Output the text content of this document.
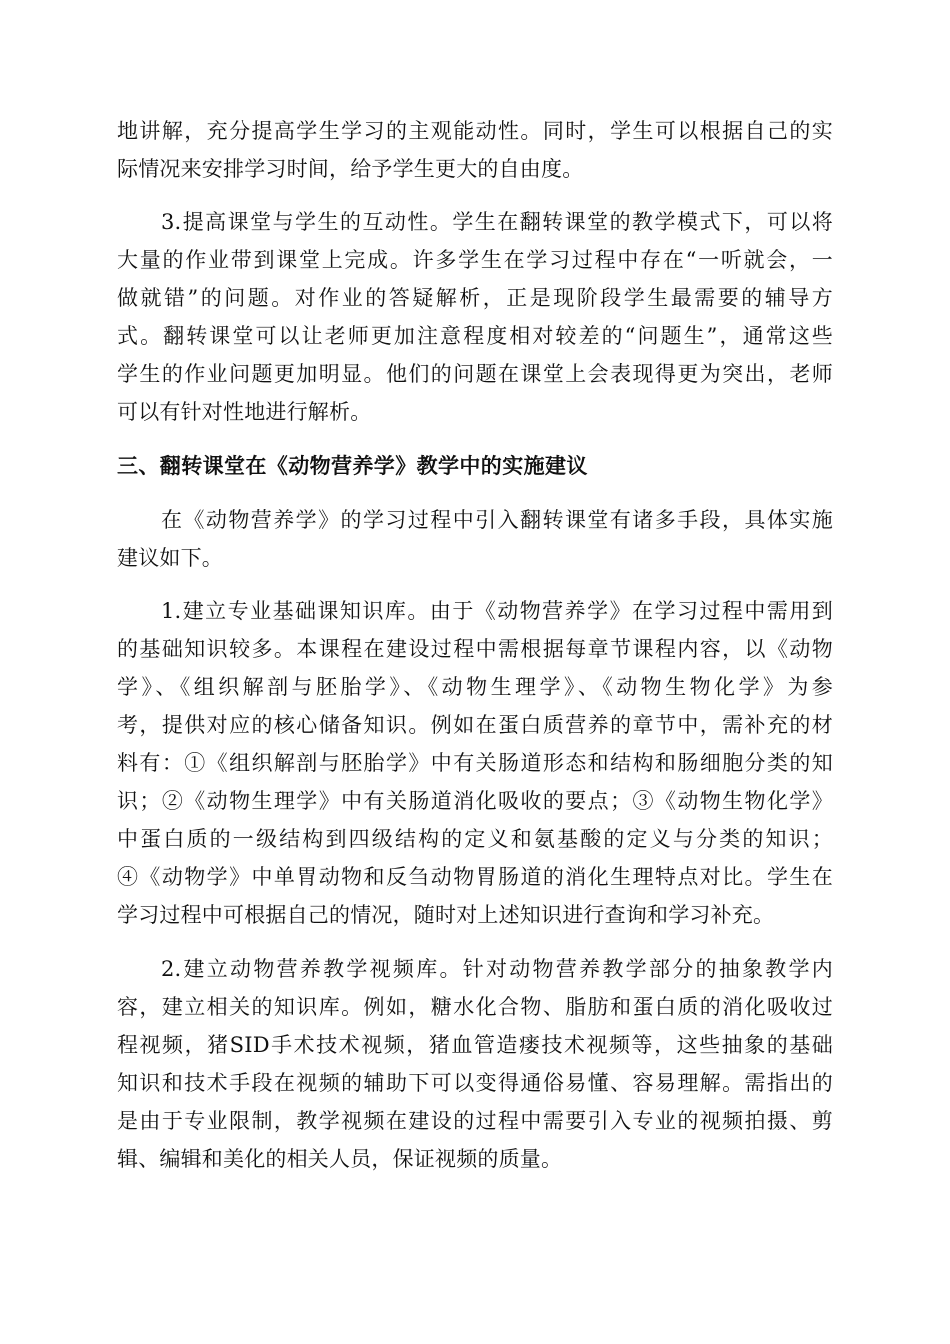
地讲解，充分提高学生学习的主观能动性。同时，学生可以根据自己的实
际情况来安排学习时间，给予学生更大的自由度。
3.提高课堂与学生的互动性。学生在翻转课堂的教学模式下，可以将
大量的作业带到课堂上完成。许多学生在学习过程中存在“一听就会，一
做就错”的问题。对作业的答疑解析，正是现阶段学生最需要的辅导方
式。翻转课堂可以让老师更加注意程度相对较差的“问题生”，通常这些
学生的作业问题更加明显。他们的问题在课堂上会表现得更为突出，老师
可以有针对性地进行解析。
三、翻转课堂在《动物营养学》教学中的实施建议
在《动物营养学》的学习过程中引入翻转课堂有诸多手段，具体实施
建议如下。
1.建立专业基础课知识库。由于《动物营养学》在学习过程中需用到
的基础知识较多。本课程在建设过程中需根据每章节课程内容，以《动物
学》、《组织解剖与胚胎学》、《动物生理学》、《动物生物化学》为参
考，提供对应的核心储备知识。例如在蛋白质营养的章节中，需补充的材
料有：①《组织解剖与胚胎学》中有关肠道形态和结构和肠细胞分类的知
识；②《动物生理学》中有关肠道消化吸收的要点；③《动物生物化学》
中蛋白质的一级结构到四级结构的定义和氨基酸的定义与分类的知识；
④《动物学》中单胃动物和反刍动物胃肠道的消化生理特点对比。学生在
学习过程中可根据自己的情况，随时对上述知识进行查询和学习补充。
2.建立动物营养教学视频库。针对动物营养教学部分的抽象教学内
容，建立相关的知识库。例如，糖水化合物、脂肪和蛋白质的消化吸收过
程视频，猪SID手术技术视频，猪血管造瘘技术视频等，这些抽象的基础
知识和技术手段在视频的辅助下可以变得通俗易懂、容易理解。需指出的
是由于专业限制，教学视频在建设的过程中需要引入专业的视频拍摄、剪
辑、编辑和美化的相关人员，保证视频的质量。
